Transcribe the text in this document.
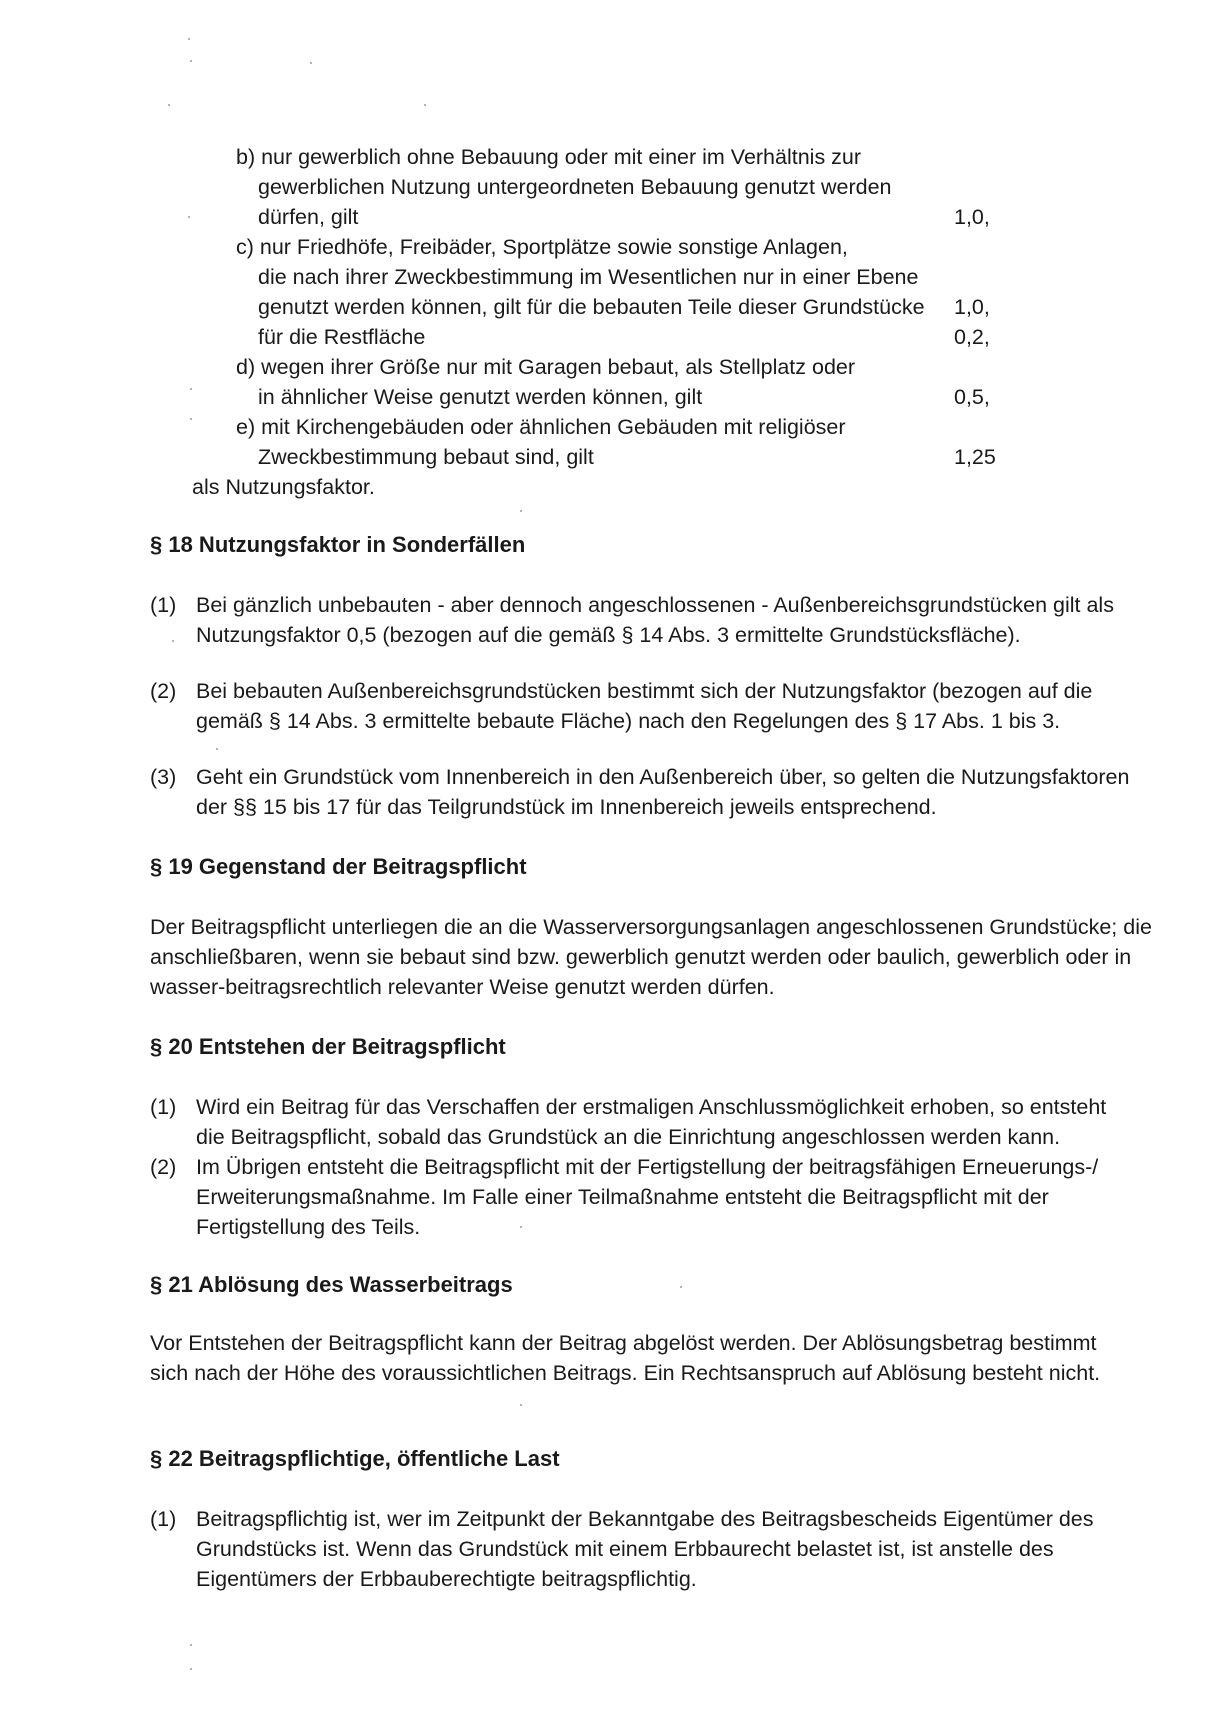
b) nur gewerblich ohne Bebauung oder mit einer im Verhältnis zur
gewerblichen Nutzung untergeordneten Bebauung genutzt werden
dürfen, gilt	1,0,
c) nur Friedhöfe, Freibäder, Sportplätze sowie sonstige Anlagen,
die nach ihrer Zweckbestimmung im Wesentlichen nur in einer Ebene
genutzt werden können, gilt für die bebauten Teile dieser Grundstücke 1,0,
für die Restfläche	0,2,
d) wegen ihrer Größe nur mit Garagen bebaut, als Stellplatz oder
in ähnlicher Weise genutzt werden können, gilt	0,5,
e) mit Kirchengebäuden oder ähnlichen Gebäuden mit religiöser
Zweckbestimmung bebaut sind, gilt	1,25
als Nutzungsfaktor.
§ 18 Nutzungsfaktor in Sonderfällen
(1) Bei gänzlich unbebauten - aber dennoch angeschlossenen - Außenbereichsgrundstücken gilt als
Nutzungsfaktor 0,5 (bezogen auf die gemäß § 14 Abs. 3 ermittelte Grundstücksfläche).
(2) Bei bebauten Außenbereichsgrundstücken bestimmt sich der Nutzungsfaktor (bezogen auf die
gemäß § 14 Abs. 3 ermittelte bebaute Fläche) nach den Regelungen des § 17 Abs. 1 bis 3.
(3) Geht ein Grundstück vom Innenbereich in den Außenbereich über, so gelten die Nutzungsfaktoren
der §§ 15 bis 17 für das Teilgrundstück im Innenbereich jeweils entsprechend.
§ 19 Gegenstand der Beitragspflicht
Der Beitragspflicht unterliegen die an die Wasserversorgungsanlagen angeschlossenen Grundstücke; die
anschließbaren, wenn sie bebaut sind bzw. gewerblich genutzt werden oder baulich, gewerblich oder in
wasser-beitragsrechtlich relevanter Weise genutzt werden dürfen.
§ 20 Entstehen der Beitragspflicht
(1) Wird ein Beitrag für das Verschaffen der erstmaligen Anschlussmöglichkeit erhoben, so entsteht
die Beitragspflicht, sobald das Grundstück an die Einrichtung angeschlossen werden kann.
(2) Im Übrigen entsteht die Beitragspflicht mit der Fertigstellung der beitragsfähigen Erneuerungs-/
Erweiterungsmaßnahme. Im Falle einer Teilmaßnahme entsteht die Beitragspflicht mit der
Fertigstellung des Teils.
§ 21 Ablösung des Wasserbeitrags
Vor Entstehen der Beitragspflicht kann der Beitrag abgelöst werden. Der Ablösungsbetrag bestimmt
sich nach der Höhe des voraussichtlichen Beitrags. Ein Rechtsanspruch auf Ablösung besteht nicht.
§ 22 Beitragspflichtige, öffentliche Last
(1) Beitragspflichtig ist, wer im Zeitpunkt der Bekanntgabe des Beitragsbescheids Eigentümer des
Grundstücks ist. Wenn das Grundstück mit einem Erbbaurecht belastet ist, ist anstelle des
Eigentümers der Erbbauberechtigte beitragspflichtig.
